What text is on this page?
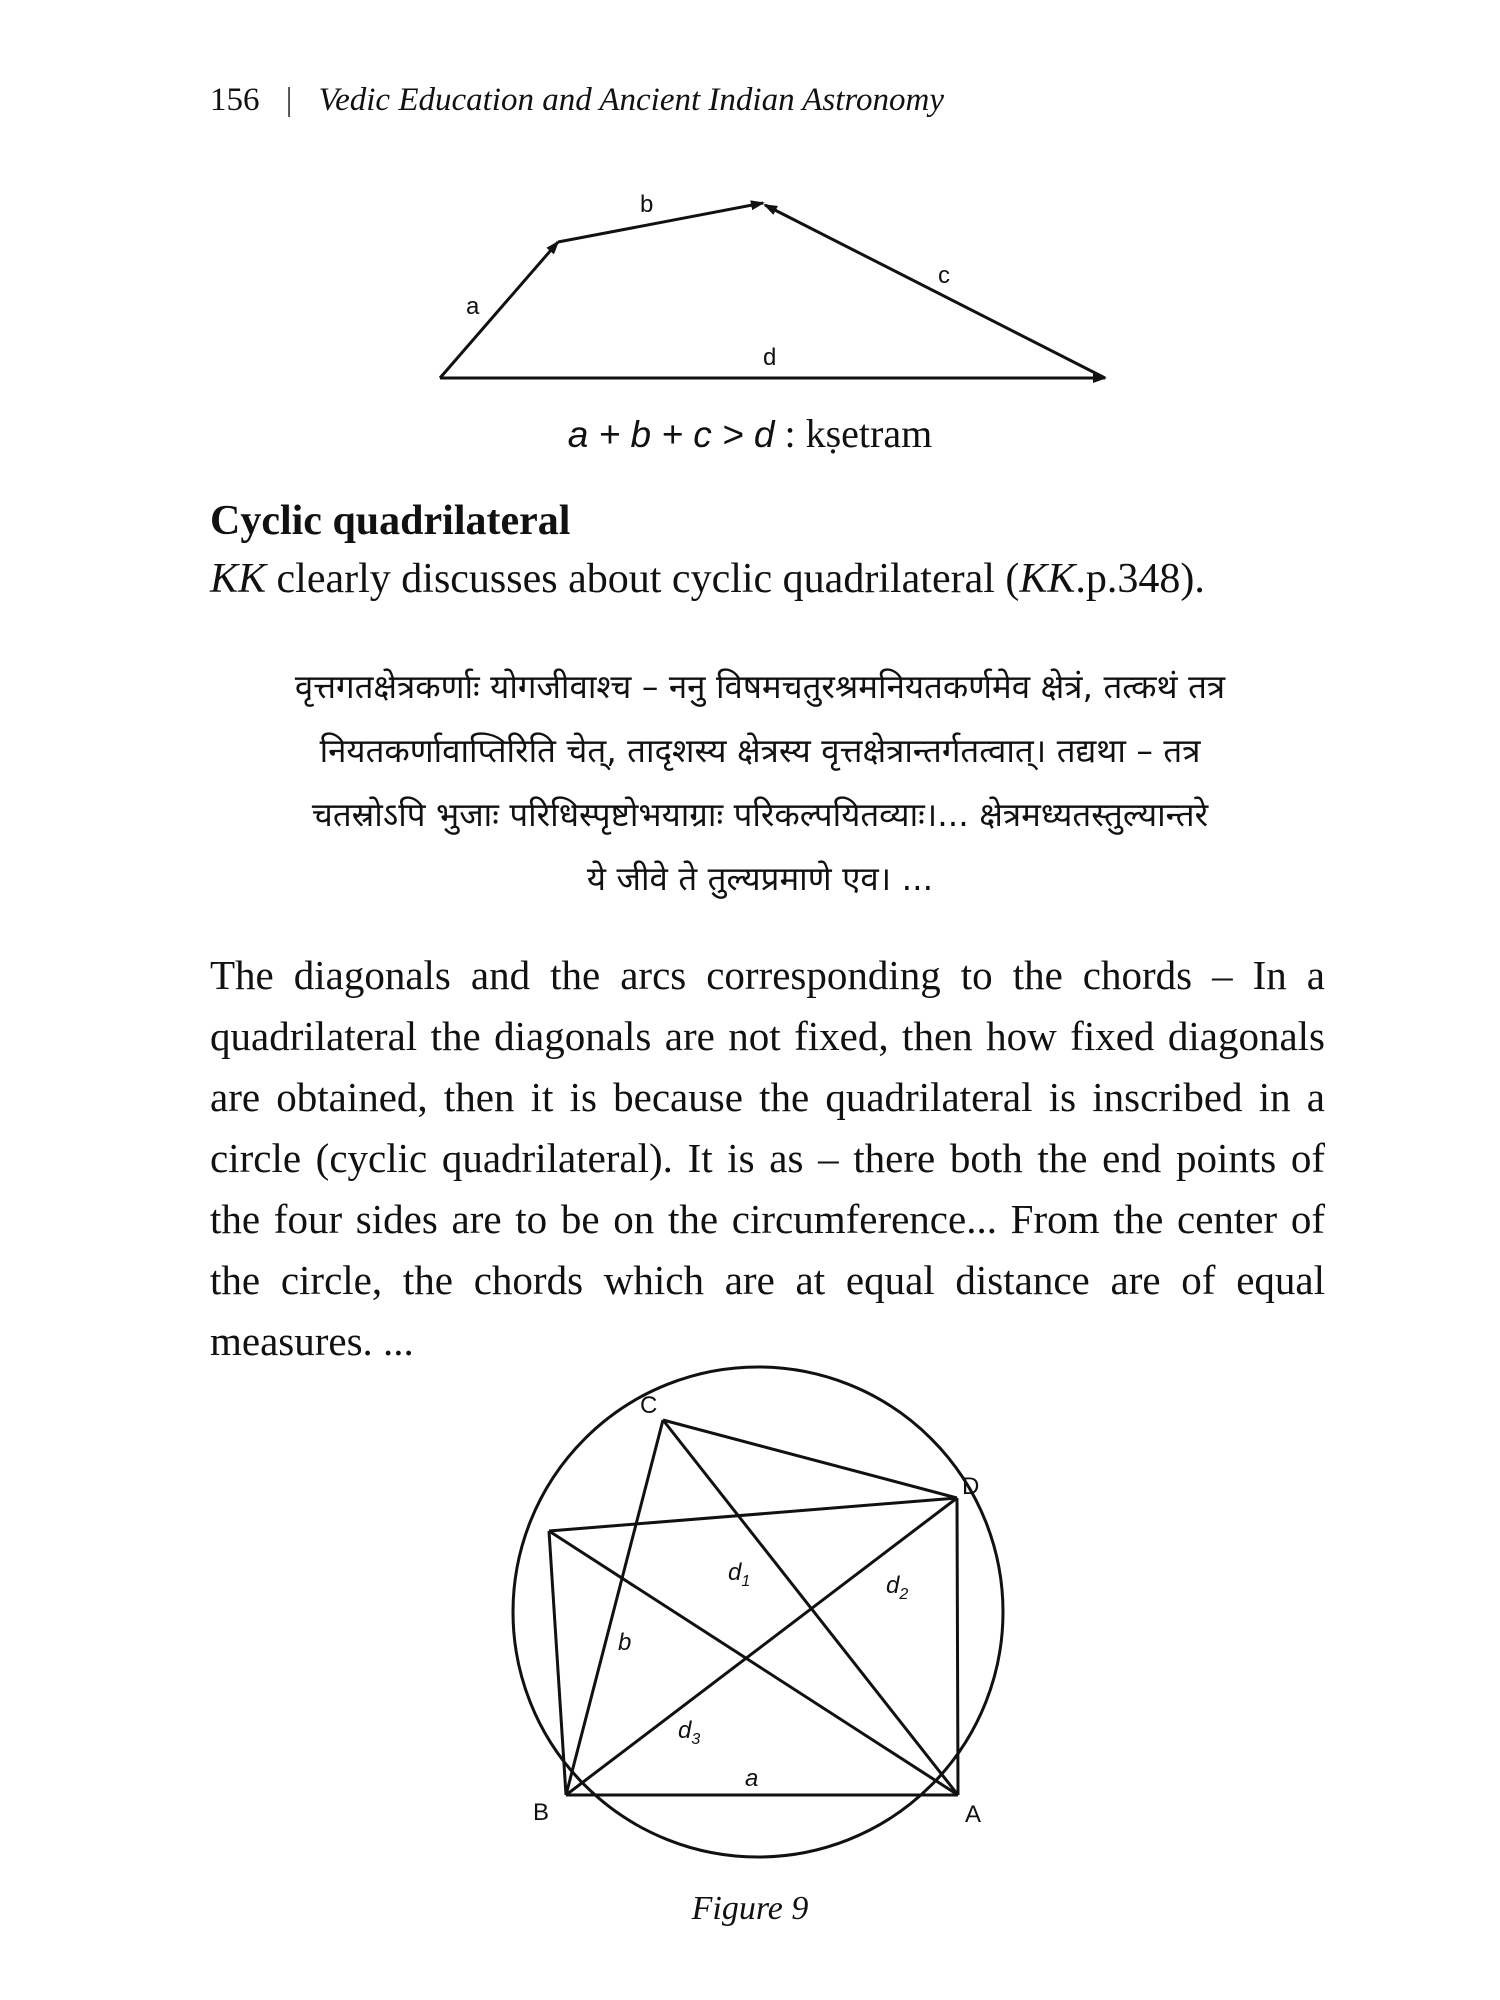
156 | Vedic Education and Ancient Indian Astronomy
a
b
c
d
C
D
B	A
$d_1$	$d_2$
$d_3$
a
b
a + b + c > d : kṣetram
Cyclic quadrilateral
KK clearly discusses about cyclic quadrilateral (KK.p.348).
वृत्तगतक्षेत्रकर्णाः योगजीवाश्च – ननु विषमचतुरश्रमनियतकर्णमेव क्षेत्रं, तत्कथं तत्र
नियतकर्णावाप्तिरिति चेत्, तादृशस्य क्षेत्रस्य वृत्तक्षेत्रान्तर्गतत्वात्। तद्यथा – तत्र
चतस्रोऽपि भुजाः परिधिस्पृष्टोभयाग्राः परिकल्पयितव्याः।... क्षेत्रमध्यतस्तुल्यान्तरे
ये जीवे ते तुल्यप्रमाणे एव। ...
The diagonals and the arcs corresponding to the chords – In a quadrilateral the diagonals are not fixed, then how fixed diagonals are obtained, then it is because the quadrilateral is inscribed in a circle (cyclic quadrilateral). It is as – there both the end points of the four sides are to be on the circumference... From the center of the circle, the chords which are at equal distance are of equal measures. ...
Figure 9
